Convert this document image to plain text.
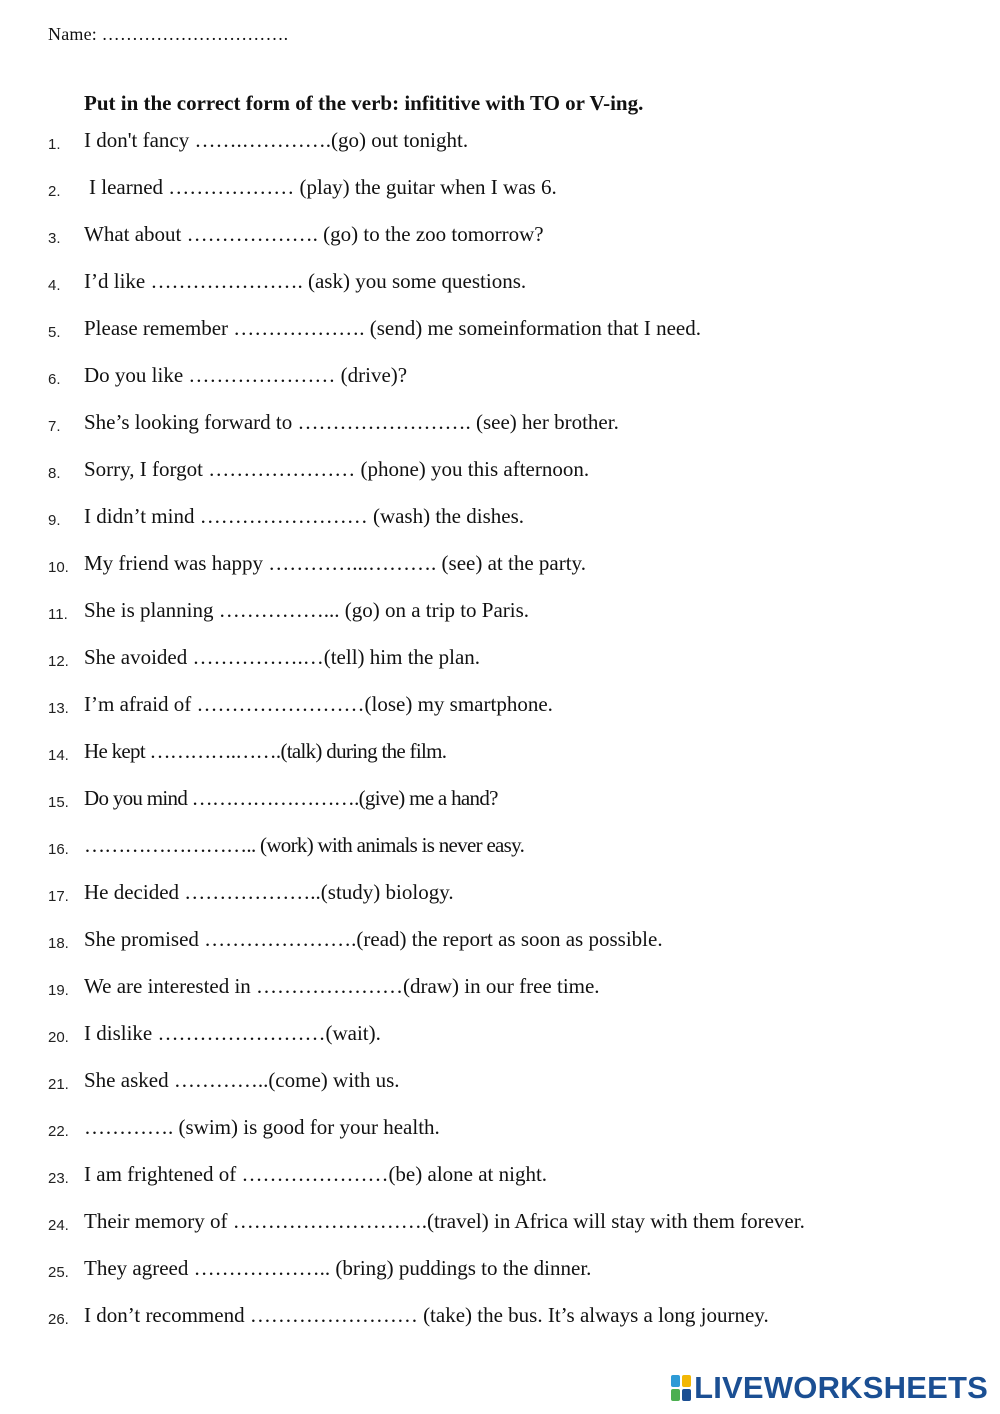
Name: ………………………….
Put in the correct form of the verb: infititive with TO or V-ing.
1. I don't fancy …….………….(go) out tonight.
2. I learned ……………… (play) the guitar when I was 6.
3. What about ………………. (go) to the zoo tomorrow?
4. I’d like …………………. (ask) you some questions.
5. Please remember ………………. (send) me someinformation that I need.
6. Do you like ………………… (drive)?
7. She’s looking forward to ……………………. (see) her brother.
8. Sorry, I forgot ………………… (phone) you this afternoon.
9. I didn’t mind …………………… (wash) the dishes.
10. My friend was happy …………...………. (see) at the party.
11. She is planning ……………... (go) on a trip to Paris.
12. She avoided …………….…(tell) him the plan.
13. I’m afraid of ……………………(lose) my smartphone.
14. He kept ………….…….(talk) during the film.
15. Do you mind …………………….(give) me a hand?
16. …………………….. (work) with animals is never easy.
17. He decided ………………..(study) biology.
18. She promised ………………….(read) the report as soon as possible.
19. We are interested in …………………(draw) in our free time.
20. I dislike ……………………(wait).
21. She asked …………..(come) with us.
22. …………. (swim) is good for your health.
23. I am frightened of …………………(be) alone at night.
24. Their memory of ……………………….(travel) in Africa will stay with them forever.
25. They agreed ……………….. (bring) puddings to the dinner.
26. I don’t recommend …………………… (take) the bus. It’s always a long journey.
LIVEWORKSHEETS
